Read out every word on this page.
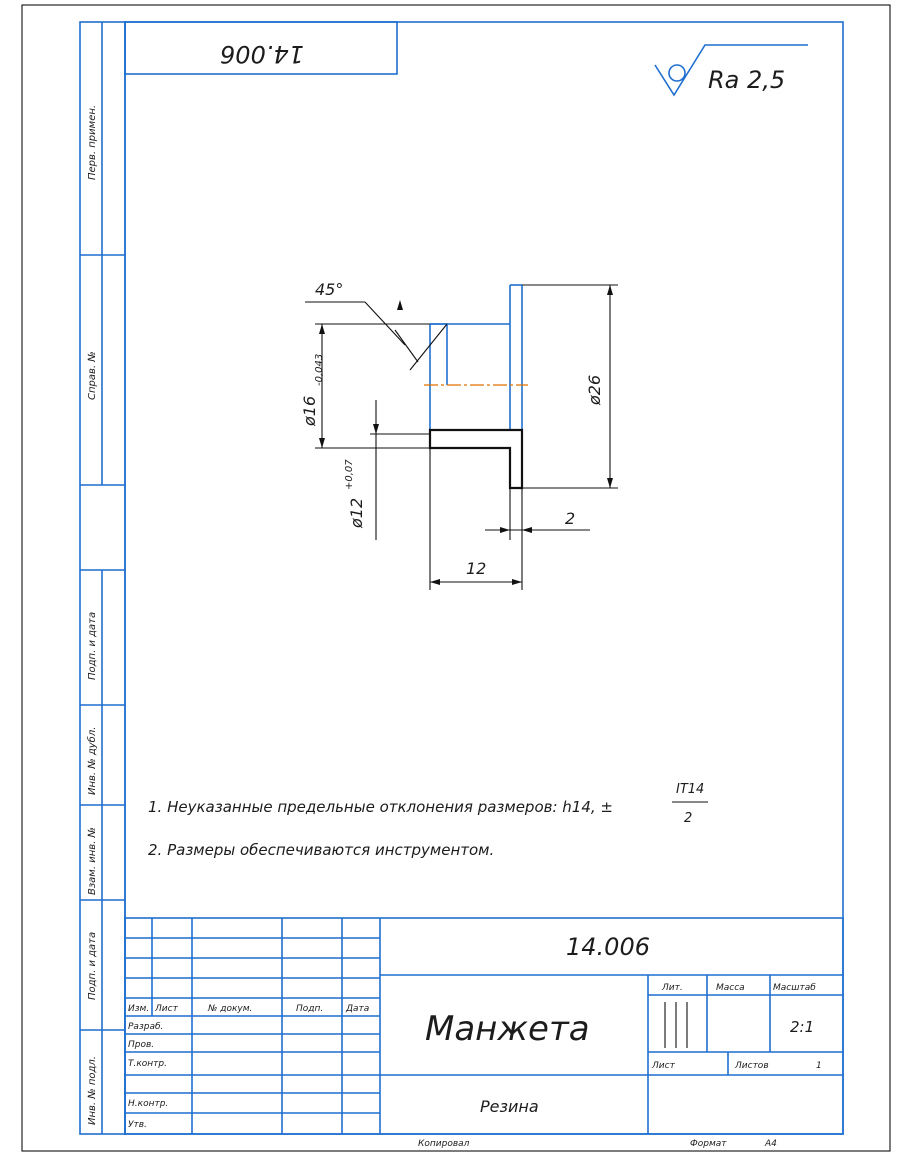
Перв. примен.
Справ. №
Подп. и дата
Инв. № дубл.
Взам. инв. №
Подп. и дата
Инв. № подл.
14.006
Ra 2,5
45°
ø16
-0,043
ø12
+0,07
ø26
12
2
1. Неуказанные предельные отклонения размеров: h14, ±
IT14
2
2. Размеры обеспечиваются инструментом.
Изм. Лист	№ докум.	Подп.	Дата
Разраб.
Пров.
Т.контр.
Н.контр.
Утв.
14.006
Манжета
Резина
Лит.	Масса	Масштаб
2:1
Лист	Листов	1
Копировал	Формат	A4
